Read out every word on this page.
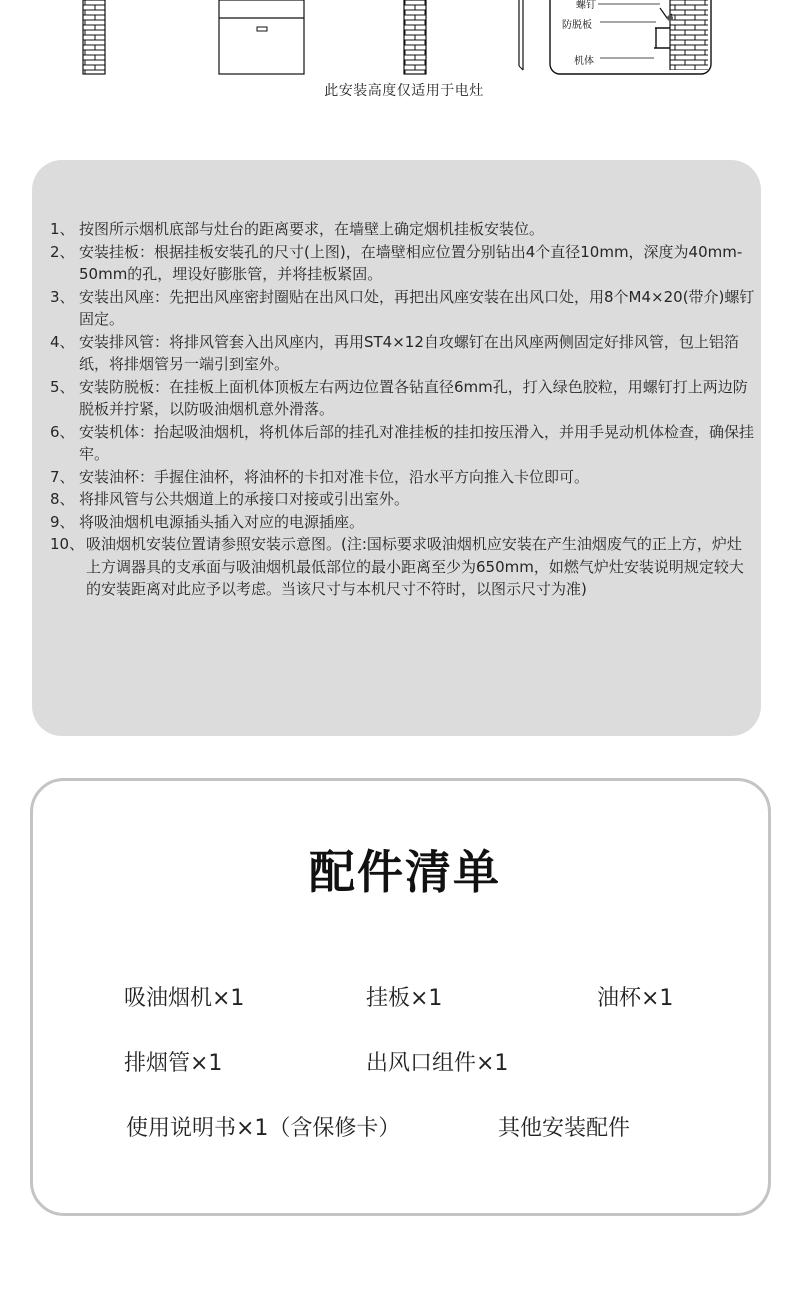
螺钉
防脱板
机体
此安装高度仅适用于电灶
1、 按图所示烟机底部与灶台的距离要求，在墙壁上确定烟机挂板安装位。
2、 安装挂板：根据挂板安装孔的尺寸(上图)，在墙壁相应位置分别钻出4个直径10mm，深度为40mm-50mm的孔，埋设好膨胀管，并将挂板紧固。
3、 安装出风座：先把出风座密封圈贴在出风口处，再把出风座安装在出风口处，用8个M4×20(带介)螺钉固定。
4、 安装排风管：将排风管套入出风座内，再用ST4×12自攻螺钉在出风座两侧固定好排风管，包上铝箔纸，将排烟管另一端引到室外。
5、 安装防脱板：在挂板上面机体顶板左右两边位置各钻直径6mm孔，打入绿色胶粒，用螺钉打上两边防脱板并拧紧，以防吸油烟机意外滑落。
6、 安装机体：抬起吸油烟机，将机体后部的挂孔对准挂板的挂扣按压滑入，并用手晃动机体检查，确保挂牢。
7、 安装油杯：手握住油杯，将油杯的卡扣对准卡位，沿水平方向推入卡位即可。
8、 将排风管与公共烟道上的承接口对接或引出室外。
9、 将吸油烟机电源插头插入对应的电源插座。
10、 吸油烟机安装位置请参照安装示意图。(注:国标要求吸油烟机应安装在产生油烟废气的正上方，炉灶上方调器具的支承面与吸油烟机最低部位的最小距离至少为650mm，如燃气炉灶安装说明规定较大的安装距离对此应予以考虑。当该尺寸与本机尺寸不符时，以图示尺寸为准)
配件清单
吸油烟机×1	挂板×1	油杯×1
排烟管×1	出风口组件×1
使用说明书×1（含保修卡）	其他安装配件
